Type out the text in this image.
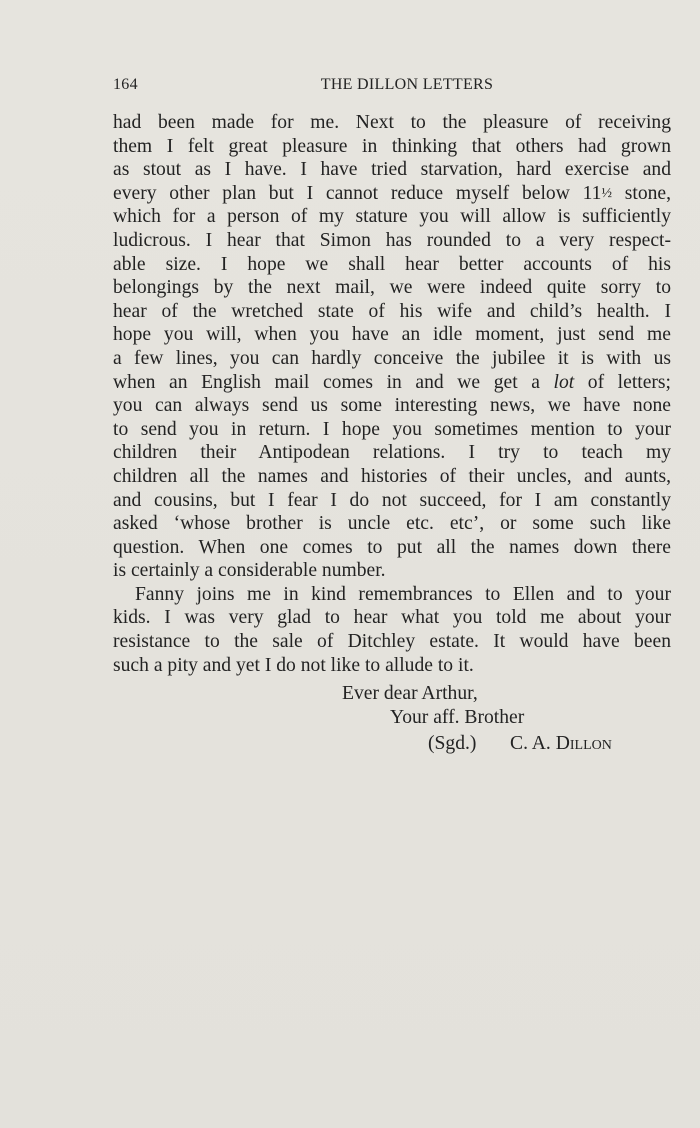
164	THE DILLON LETTERS
had been made for me. Next to the pleasure of receiving
them I felt great pleasure in thinking that others had grown
as stout as I have. I have tried starvation, hard exercise and
every other plan but I cannot reduce myself below 11½ stone,
which for a person of my stature you will allow is sufficiently
ludicrous. I hear that Simon has rounded to a very respect-
able size. I hope we shall hear better accounts of his
belongings by the next mail, we were indeed quite sorry to
hear of the wretched state of his wife and child’s health. I
hope you will, when you have an idle moment, just send me
a few lines, you can hardly conceive the jubilee it is with us
when an English mail comes in and we get a lot of letters;
you can always send us some interesting news, we have none
to send you in return. I hope you sometimes mention to your
children their Antipodean relations. I try to teach my
children all the names and histories of their uncles, and aunts,
and cousins, but I fear I do not succeed, for I am constantly
asked ‘whose brother is uncle etc. etc’, or some such like
question. When one comes to put all the names down there
is certainly a considerable number.
Fanny joins me in kind remembrances to Ellen and to your
kids. I was very glad to hear what you told me about your
resistance to the sale of Ditchley estate. It would have been
such a pity and yet I do not like to allude to it.
Ever dear Arthur,
Your aff. Brother
(Sgd.) C. A. Dillon
